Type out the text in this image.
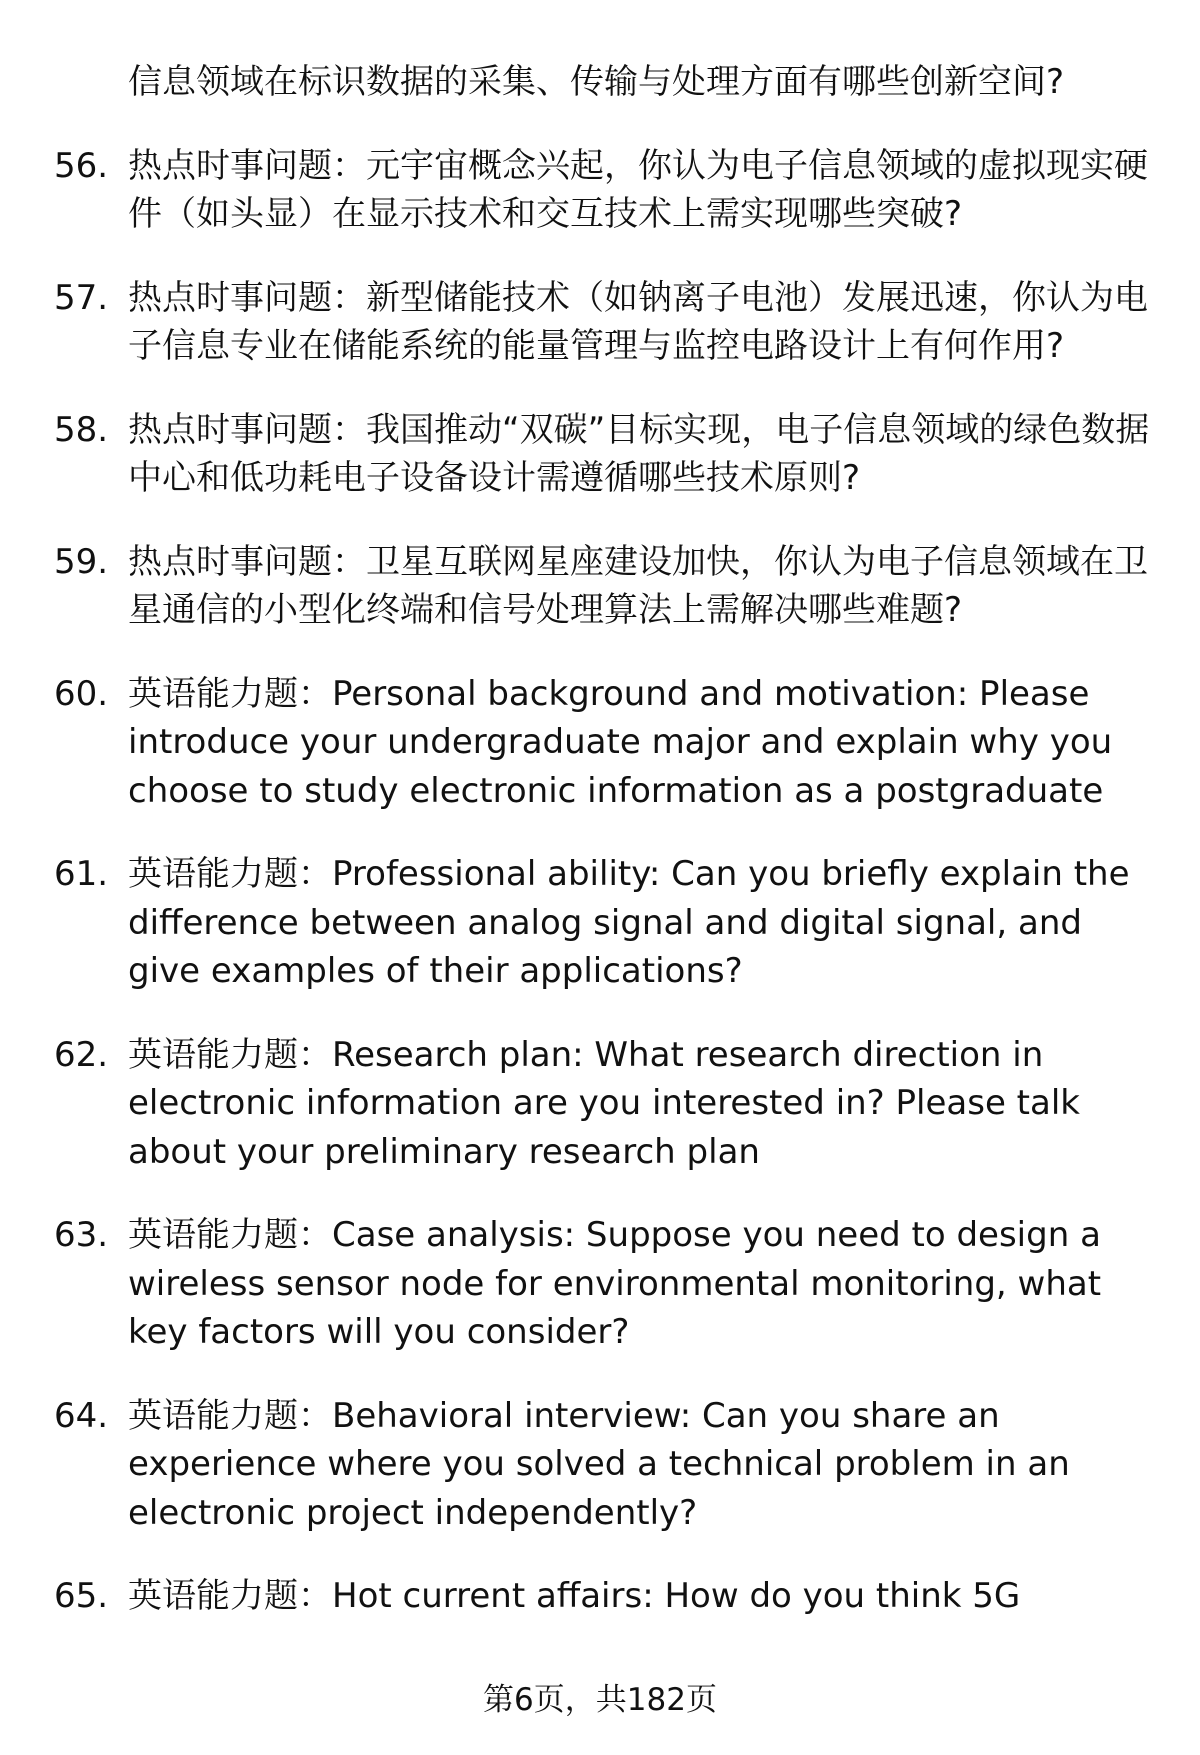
信息领域在标识数据的采集、传输与处理方面有哪些创新空间?
56. 热点时事问题：元宇宙概念兴起，你认为电子信息领域的虚拟现实硬件（如头显）在显示技术和交互技术上需实现哪些突破?
57. 热点时事问题：新型储能技术（如钠离子电池）发展迅速，你认为电子信息专业在储能系统的能量管理与监控电路设计上有何作用?
58. 热点时事问题：我国推动“双碳”目标实现，电子信息领域的绿色数据中心和低功耗电子设备设计需遵循哪些技术原则?
59. 热点时事问题：卫星互联网星座建设加快，你认为电子信息领域在卫星通信的小型化终端和信号处理算法上需解决哪些难题?
60. 英语能力题：Personal background and motivation: Please introduce your undergraduate major and explain why you choose to study electronic information as a postgraduate
61. 英语能力题：Professional ability: Can you briefly explain the difference between analog signal and digital signal, and give examples of their applications?
62. 英语能力题：Research plan: What research direction in electronic information are you interested in? Please talk about your preliminary research plan
63. 英语能力题：Case analysis: Suppose you need to design a wireless sensor node for environmental monitoring, what key factors will you consider?
64. 英语能力题：Behavioral interview: Can you share an experience where you solved a technical problem in an electronic project independently?
65. 英语能力题：Hot current affairs: How do you think 5G
第6页，共182页
